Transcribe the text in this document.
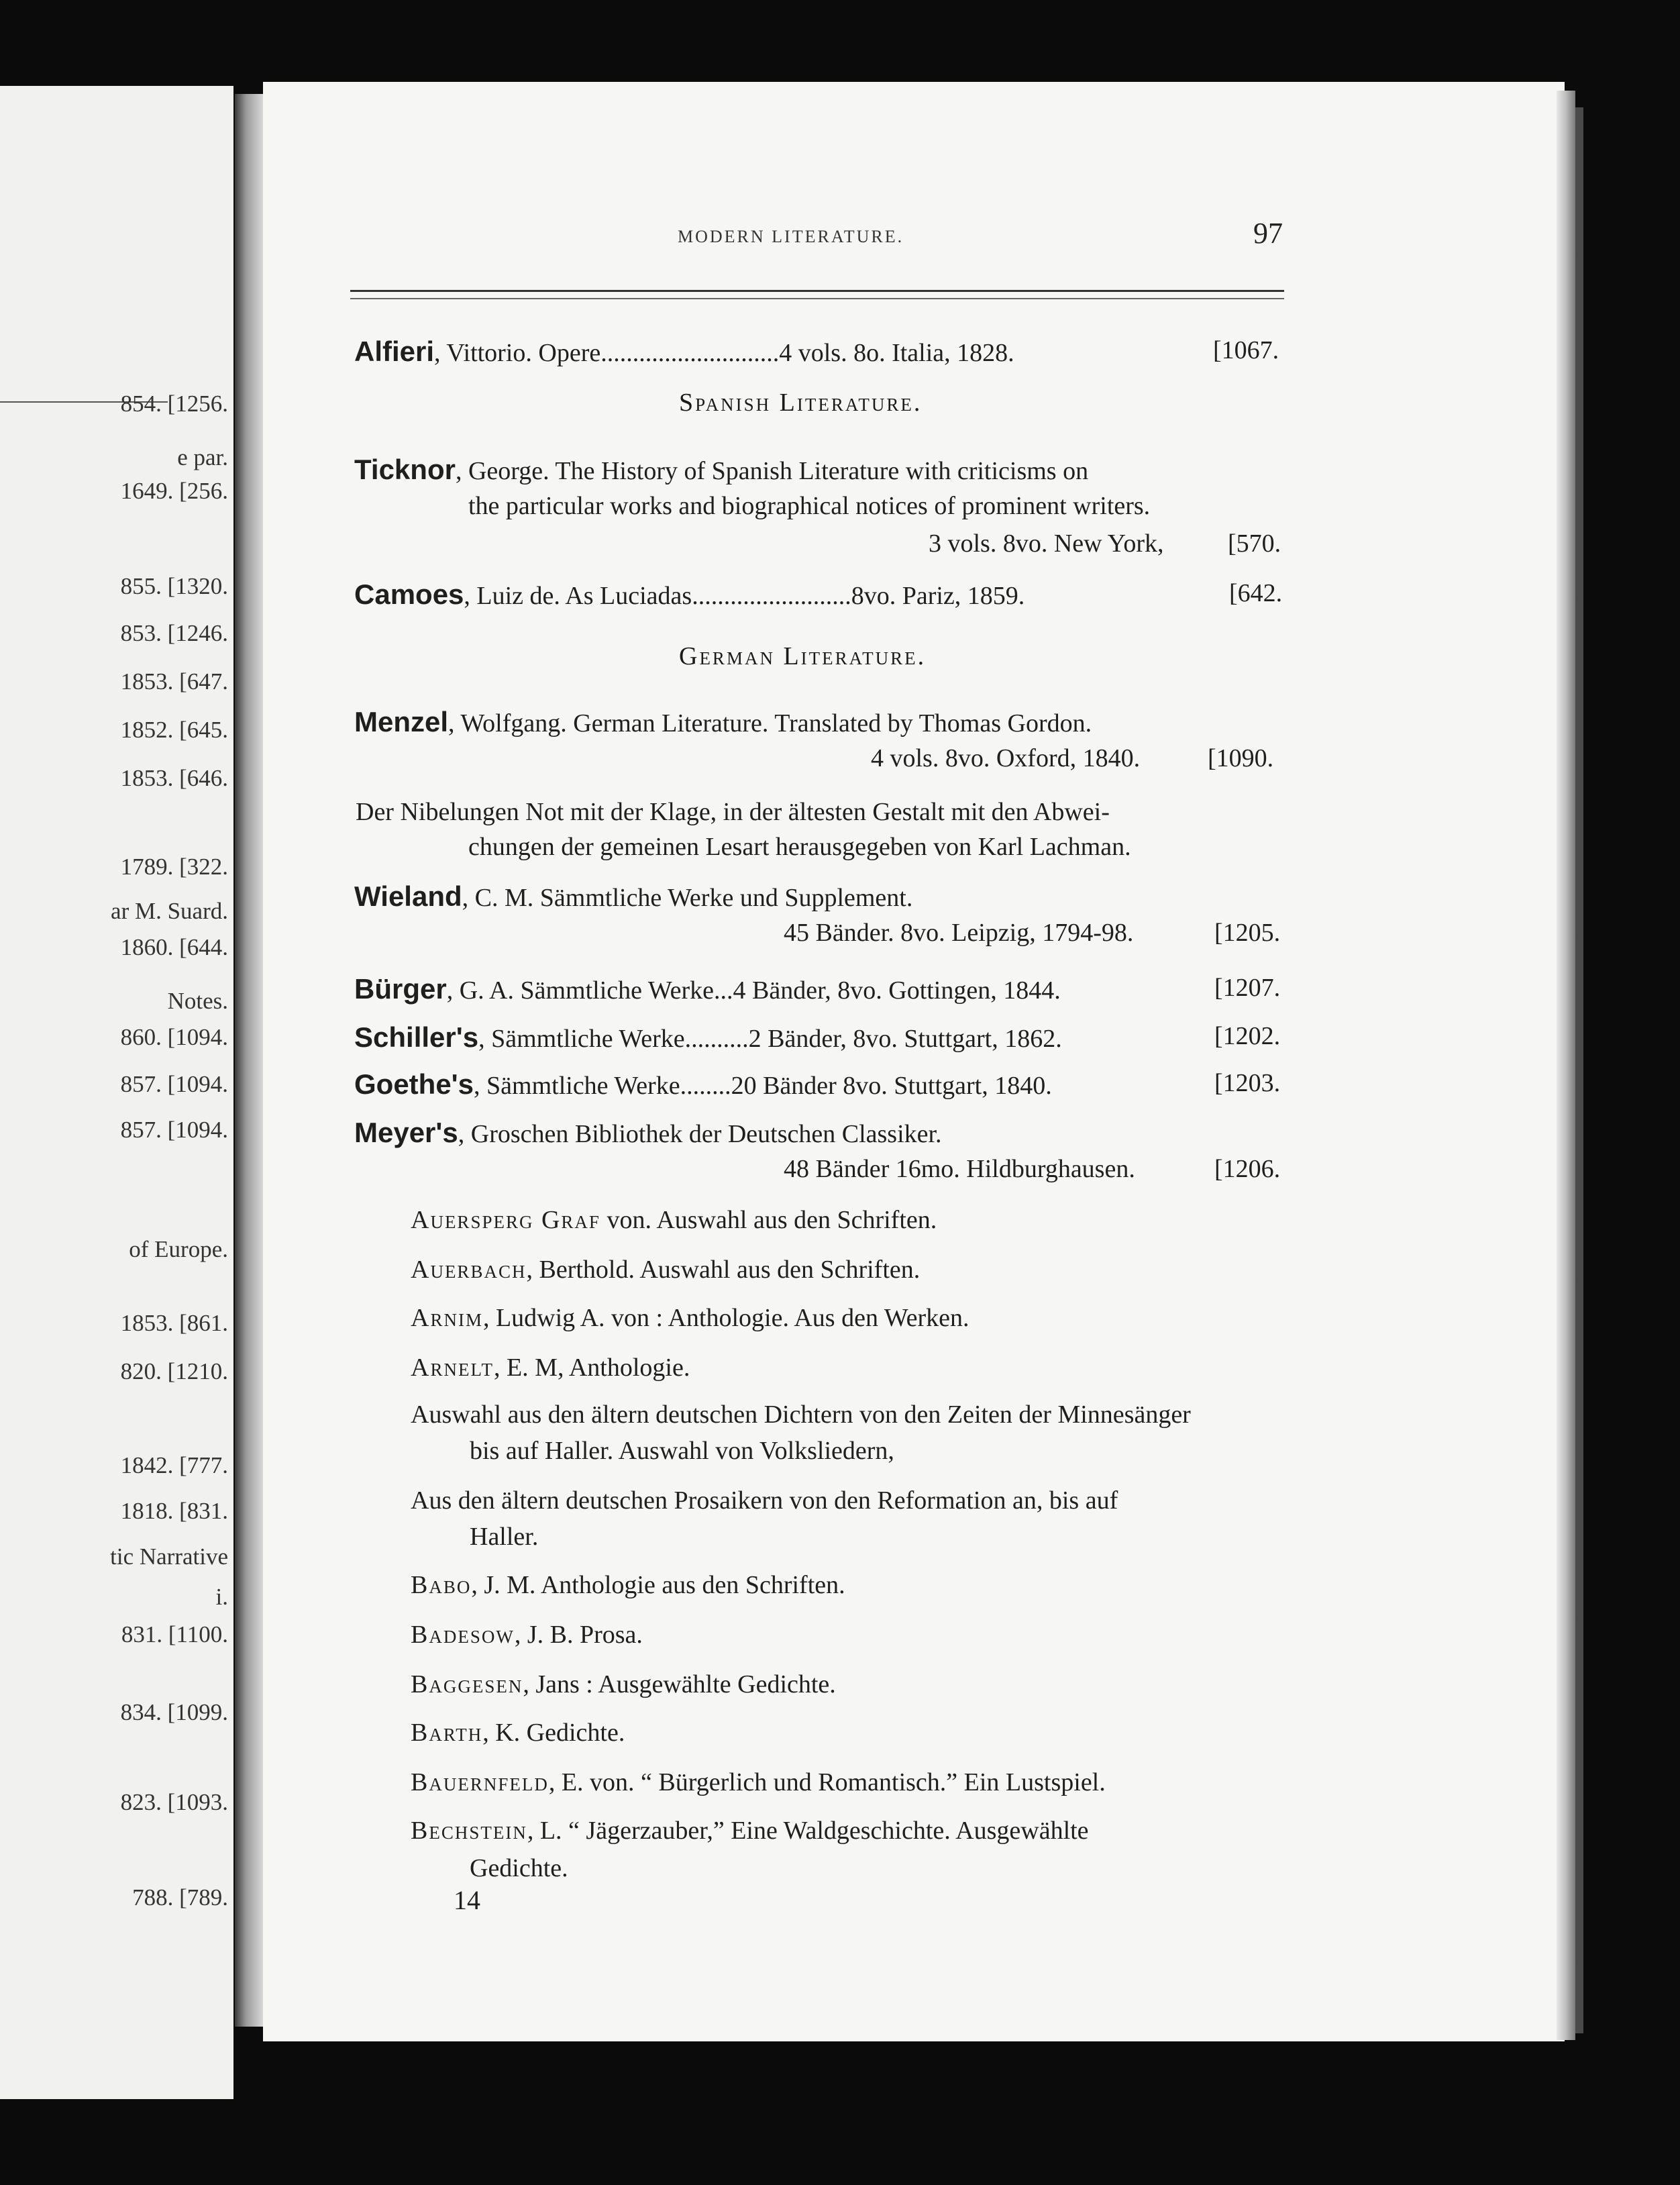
854. [1256.
e par.
1649. [256.
855. [1320.
853. [1246.
1853. [647.
1852. [645.
1853. [646.
1789. [322.
ar M. Suard.
1860. [644.
Notes.
860. [1094.
857. [1094.
857. [1094.
of Europe.
1853. [861.
820. [1210.
1842. [777.
1818. [831.
tic Narrative
i.
831. [1100.
834. [1099.
823. [1093.
788. [789.
MODERN LITERATURE.	97
Alfieri, Vittorio. Opere............................4 vols. 8o. Italia, 1828.	[1067.
Spanish Literature.
Ticknor, George. The History of Spanish Literature with criticisms on
the particular works and biographical notices of prominent writers.
3 vols. 8vo. New York,	[570.
Camoes, Luiz de. As Luciadas.........................8vo. Pariz, 1859.	[642.
German Literature.
Menzel, Wolfgang. German Literature. Translated by Thomas Gordon.
4 vols. 8vo. Oxford, 1840.	[1090.
Der Nibelungen Not mit der Klage, in der ältesten Gestalt mit den Abwei-
chungen der gemeinen Lesart herausgegeben von Karl Lachman.
Wieland, C. M. Sämmtliche Werke und Supplement.
45 Bänder. 8vo. Leipzig, 1794-98.	[1205.
Bürger, G. A. Sämmtliche Werke...4 Bänder, 8vo. Gottingen, 1844.	[1207.
Schiller's, Sämmtliche Werke..........2 Bänder, 8vo. Stuttgart, 1862.	[1202.
Goethe's, Sämmtliche Werke........20 Bänder 8vo. Stuttgart, 1840.	[1203.
Meyer's, Groschen Bibliothek der Deutschen Classiker.
48 Bänder 16mo. Hildburghausen.	[1206.
Auersperg Graf von. Auswahl aus den Schriften.
Auerbach, Berthold. Auswahl aus den Schriften.
Arnim, Ludwig A. von : Anthologie. Aus den Werken.
Arnelt, E. M, Anthologie.
Auswahl aus den ältern deutschen Dichtern von den Zeiten der Minnesänger
bis auf Haller. Auswahl von Volksliedern,
Aus den ältern deutschen Prosaikern von den Reformation an, bis auf
Haller.
Babo, J. M. Anthologie aus den Schriften.
Badesow, J. B. Prosa.
Baggesen, Jans : Ausgewählte Gedichte.
Barth, K. Gedichte.
Bauernfeld, E. von. “ Bürgerlich und Romantisch.” Ein Lustspiel.
Bechstein, L. “ Jägerzauber,” Eine Waldgeschichte. Ausgewählte
Gedichte.
14
